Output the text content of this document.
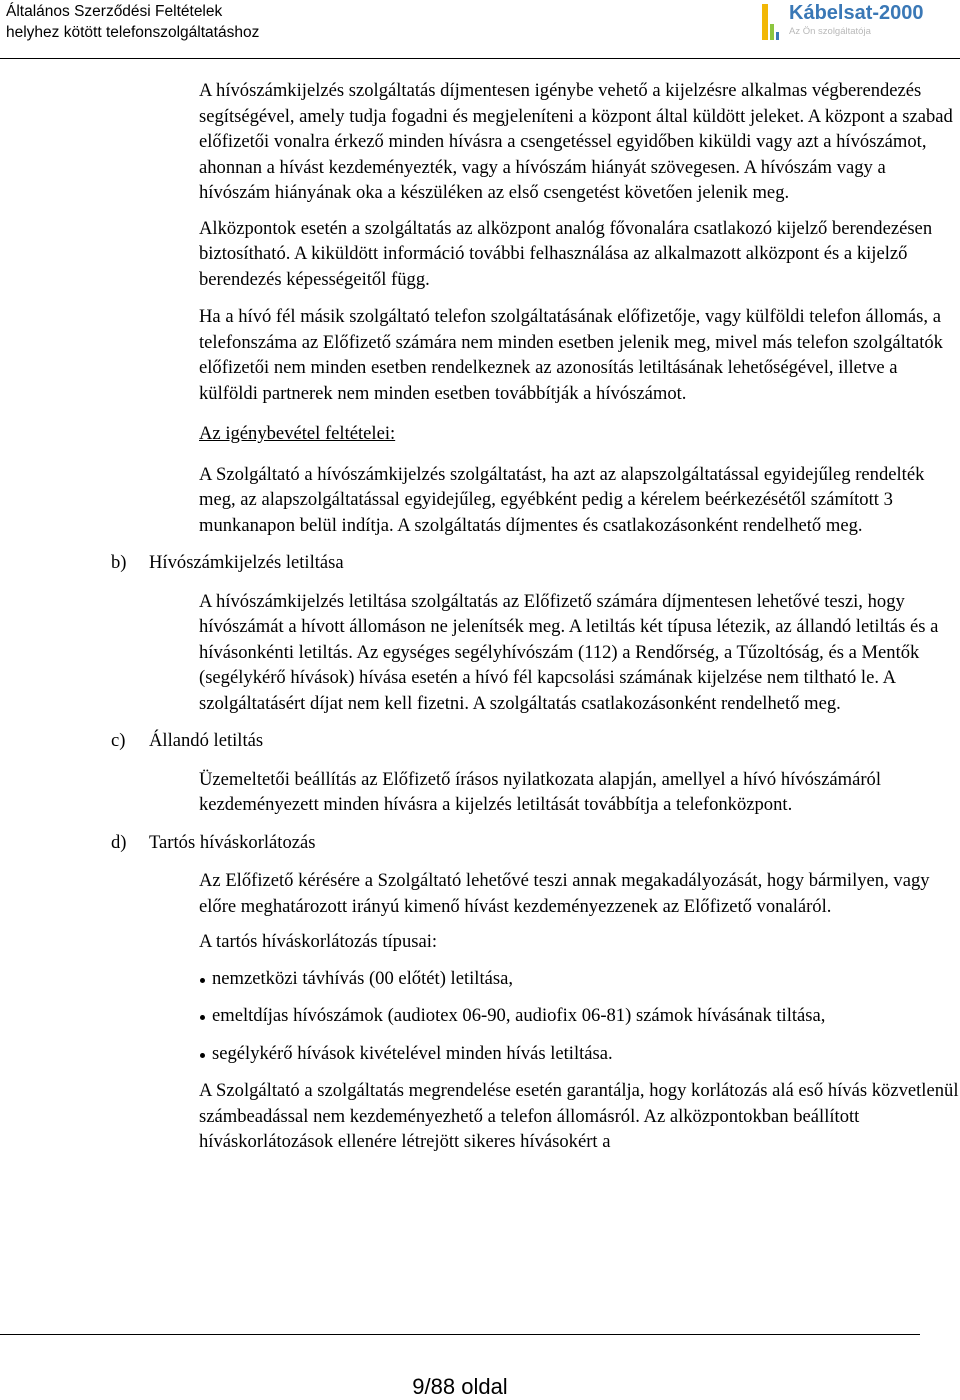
Általános Szerződési Feltételek
helyhez kötött telefonszolgáltatáshoz
Kábelsat-2000
Az Ön szolgáltatója

A hívószámkijelzés szolgáltatás díjmentesen igénybe vehető a kijelzésre alkalmas végberendezés segítségével, amely tudja fogadni és megjeleníteni a központ által küldött jeleket. A központ a szabad előfizetői vonalra érkező minden hívásra a csengetéssel egyidőben kiküldi vagy azt a hívószámot, ahonnan a hívást kezdeményezték, vagy a hívószám hiányát szövegesen. A hívószám vagy a hívószám hiányának oka a készüléken az első csengetést követően jelenik meg.

Alközpontok esetén a szolgáltatás az alközpont analóg fővonalára csatlakozó kijelző berendezésen biztosítható. A kiküldött információ további felhasználása az alkalmazott alközpont és a kijelző berendezés képességeitől függ.

Ha a hívó fél másik szolgáltató telefon szolgáltatásának előfizetője, vagy külföldi telefon állomás, a telefonszáma az Előfizető számára nem minden esetben jelenik meg, mivel más telefon szolgáltatók előfizetői nem minden esetben rendelkeznek az azonosítás letiltásának lehetőségével, illetve a külföldi partnerek nem minden esetben továbbítják a hívószámot.

Az igénybevétel feltételei:

A Szolgáltató a hívószámkijelzés szolgáltatást, ha azt az alapszolgáltatással egyidejűleg rendelték meg, az alapszolgáltatással egyidejűleg, egyébként pedig a kérelem beérkezésétől számított 3 munkanapon belül indítja. A szolgáltatás díjmentes és csatlakozásonként rendelhető meg.

b) Hívószámkijelzés letiltása

A hívószámkijelzés letiltása szolgáltatás az Előfizető számára díjmentesen lehetővé teszi, hogy hívószámát a hívott állomáson ne jelenítsék meg. A letiltás két típusa létezik, az állandó letiltás és a hívásonkénti letiltás. Az egységes segélyhívószám (112) a Rendőrség, a Tűzoltóság, és a Mentők (segélykérő hívások) hívása esetén a hívó fél kapcsolási számának kijelzése nem tiltható le. A szolgáltatásért díjat nem kell fizetni. A szolgáltatás csatlakozásonként rendelhető meg.

c) Állandó letiltás

Üzemeltetői beállítás az Előfizető írásos nyilatkozata alapján, amellyel a hívó hívószámáról kezdeményezett minden hívásra a kijelzés letiltását továbbítja a telefonközpont.

d) Tartós híváskorlátozás

Az Előfizető kérésére a Szolgáltató lehetővé teszi annak megakadályozását, hogy bármilyen, vagy előre meghatározott irányú kimenő hívást kezdeményezzenek az Előfizető vonaláról.

A tartós híváskorlátozás típusai:

nemzetközi távhívás (00 előtét) letiltása,
emeltdíjas hívószámok (audiotex 06-90, audiofix 06-81) számok hívásának tiltása,
segélykérő hívások kivételével minden hívás letiltása.

A Szolgáltató a szolgáltatás megrendelése esetén garantálja, hogy korlátozás alá eső hívás közvetlenül számbeadással nem kezdeményezhető a telefon állomásról. Az alközpontokban beállított híváskorlátozások ellenére létrejött sikeres hívásokért a

9/88 oldal
